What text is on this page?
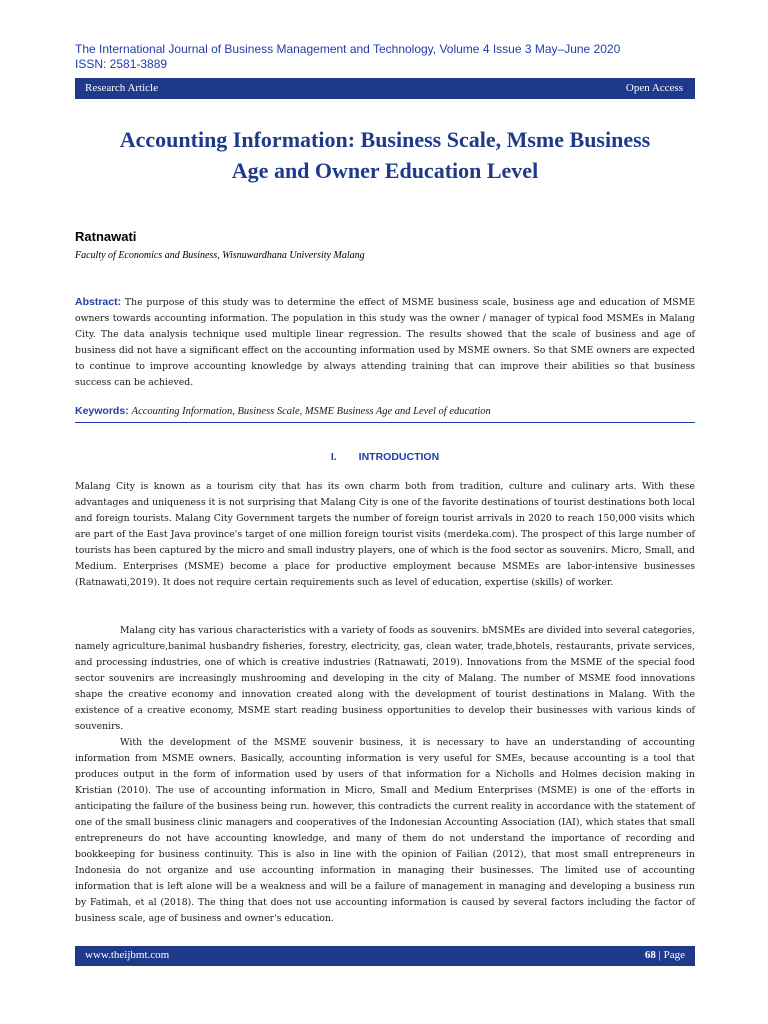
The International Journal of Business Management and Technology, Volume 4 Issue 3 May–June 2020
ISSN: 2581-3889
Research Article	Open Access
Accounting Information: Business Scale, Msme Business
Age and Owner Education Level
Ratnawati
Faculty of Economics and Business, Wisnuwardhana University Malang

Abstract: The purpose of this study was to determine the effect of MSME business scale, business age and education of MSME owners towards accounting information. The population in this study was the owner / manager of typical food MSMEs in Malang City. The data analysis technique used multiple linear regression. The results showed that the scale of business and age of business did not have a significant effect on the accounting information used by MSME owners. So that SME owners are expected to continue to improve accounting knowledge by always attending training that can improve their abilities so that business success can be achieved.

Keywords: Accounting Information, Business Scale, MSME Business Age and Level of education

I. INTRODUCTION

Malang City is known as a tourism city that has its own charm both from tradition, culture and culinary arts. With these advantages and uniqueness it is not surprising that Malang City is one of the favorite destinations of tourist destinations both local and foreign tourists. Malang City Government targets the number of foreign tourist arrivals in 2020 to reach 150,000 visits which are part of the East Java province's target of one million foreign tourist visits (merdeka.com). The prospect of this large number of tourists has been captured by the micro and small industry players, one of which is the food sector as souvenirs. Micro, Small, and Medium. Enterprises (MSME) become a place for productive employment because MSMEs are labor-intensive businesses (Ratnawati,2019). It does not require certain requirements such as level of education, expertise (skills) of worker.

Malang city has various characteristics with a variety of foods as souvenirs. bMSMEs are divided into several categories, namely agriculture,banimal husbandry fisheries, forestry, electricity, gas, clean water, trade,bhotels, restaurants, private services, and processing industries, one of which is creative industries (Ratnawati, 2019). Innovations from the MSME of the special food sector souvenirs are increasingly mushrooming and developing in the city of Malang. The number of MSME food innovations shape the creative economy and innovation created along with the development of tourist destinations in Malang. With the existence of a creative economy, MSME start reading business opportunities to develop their businesses with various kinds of souvenirs.

With the development of the MSME souvenir business, it is necessary to have an understanding of accounting information from MSME owners. Basically, accounting information is very useful for SMEs, because accounting is a tool that produces output in the form of information used by users of that information for a Nicholls and Holmes decision making in Kristian (2010). The use of accounting information in Micro, Small and Medium Enterprises (MSME) is one of the efforts in anticipating the failure of the business being run. however, this contradicts the current reality in accordance with the statement of one of the small business clinic managers and cooperatives of the Indonesian Accounting Association (IAI), which states that small entrepreneurs do not have accounting knowledge, and many of them do not understand the importance of recording and bookkeeping for business continuity. This is also in line with the opinion of Failian (2012), that most small entrepreneurs in Indonesia do not organize and use accounting information in managing their businesses. The limited use of accounting information that is left alone will be a weakness and will be a failure of management in managing and developing a business run by Fatimah, et al (2018). The thing that does not use accounting information is caused by several factors including the factor of business scale, age of business and owner's education.

www.theijbmt.com	68 | Page
